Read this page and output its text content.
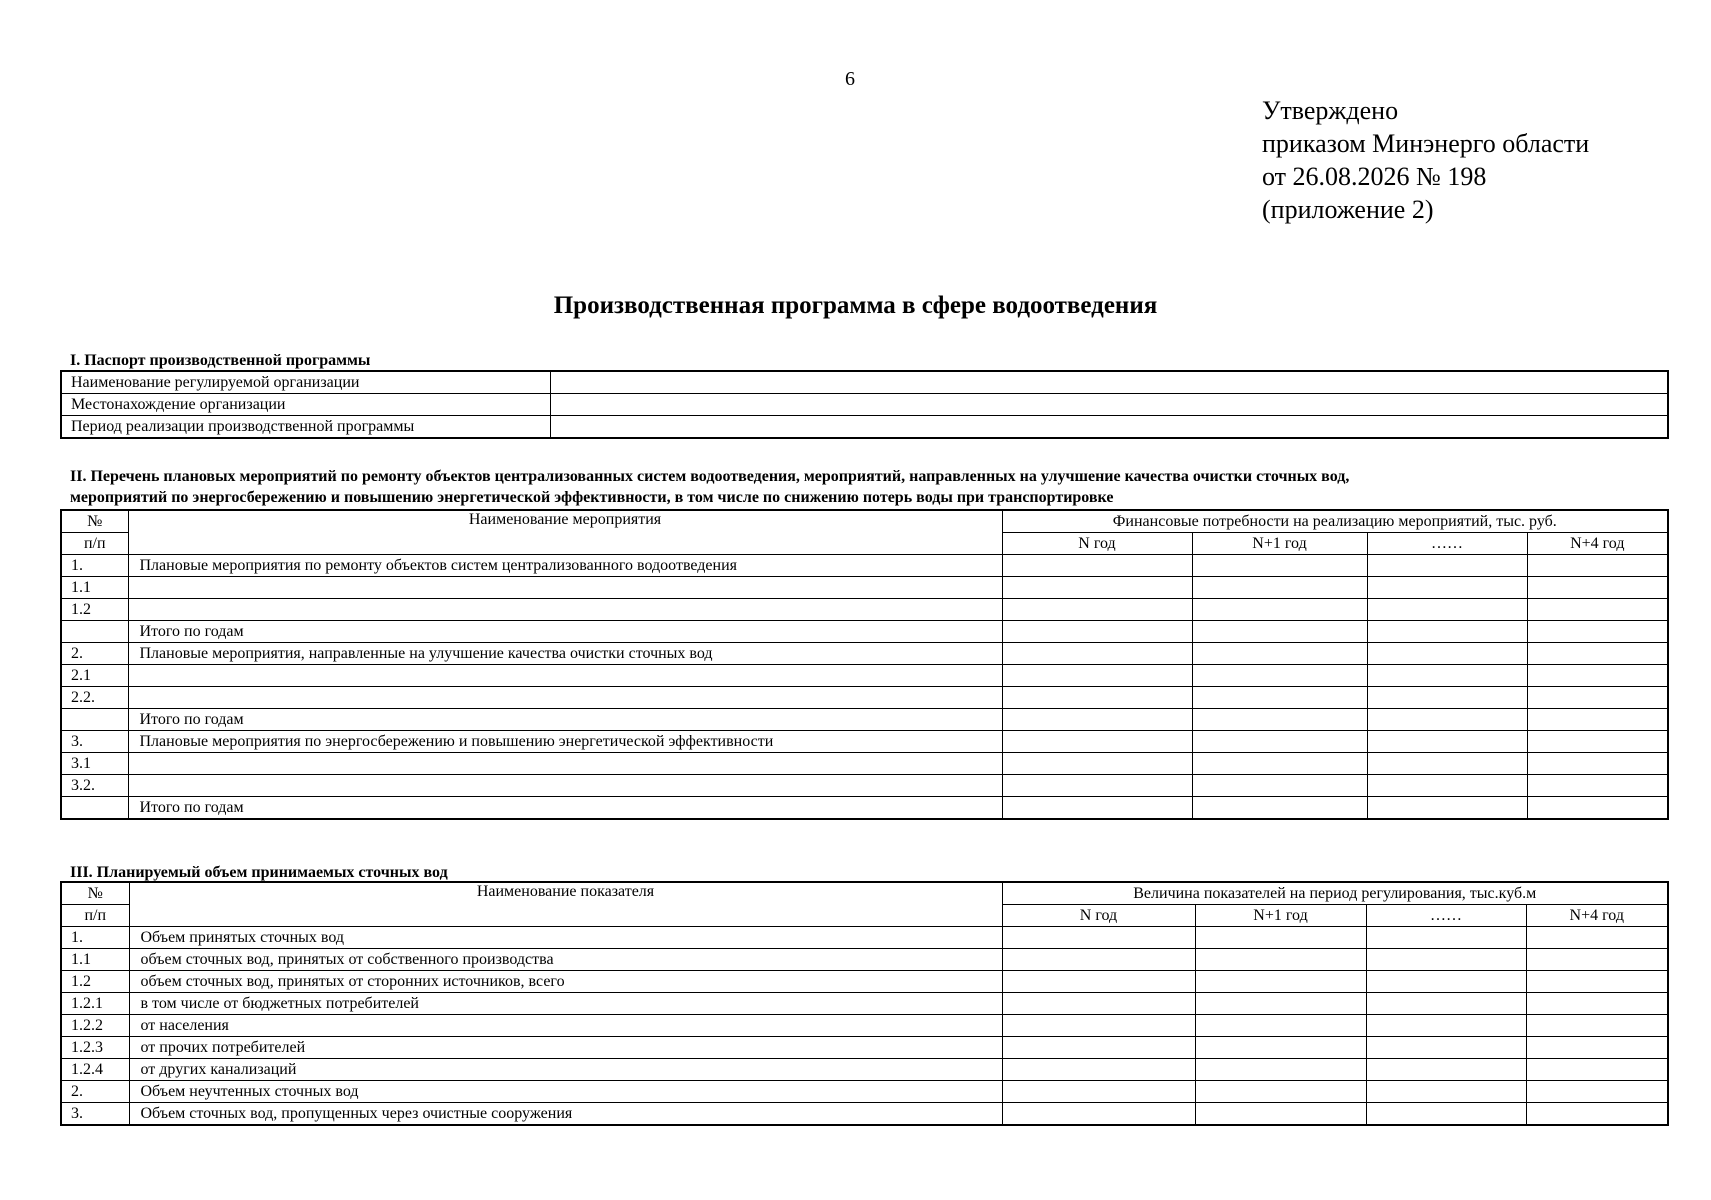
6
Утверждено
приказом Минэнерго области
от 26.08.2026 № 198
(приложение 2)
Производственная программа в сфере водоотведения
I. Паспорт производственной программы
Наименование регулируемой организации	
Местонахождение организации	
Период реализации производственной программы	
II. Перечень плановых мероприятий по ремонту объектов централизованных систем водоотведения, мероприятий, направленных на улучшение качества очистки сточных вод,
мероприятий по энергосбережению и повышению энергетической эффективности, в том числе по снижению потерь воды при транспортировке
№	Наименование мероприятия	Финансовые потребности на реализацию мероприятий, тыс. руб.			
п/п		N год	N+1 год	……	N+4 год
1.	Плановые мероприятия по ремонту объектов систем централизованного водоотведения				
1.1					
1.2					
	Итого по годам				
2.	Плановые мероприятия, направленные на улучшение качества очистки сточных вод				
2.1					
2.2.					
	Итого по годам				
3.	Плановые мероприятия по энергосбережению и повышению энергетической эффективности				
3.1					
3.2.					
	Итого по годам				
III. Планируемый объем принимаемых сточных вод
№	Наименование показателя	Величина показателей на период регулирования, тыс.куб.м			
п/п		N год	N+1 год	……	N+4 год
1.	Объем принятых сточных вод				
1.1	объем сточных вод, принятых от собственного производства				
1.2	объем сточных вод, принятых от сторонних источников, всего				
1.2.1	в том числе от бюджетных потребителей				
1.2.2	от населения				
1.2.3	от прочих потребителей				
1.2.4	от других канализаций				
2.	Объем неучтенных сточных вод				
3.	Объем сточных вод, пропущенных через очистные сооружения				
